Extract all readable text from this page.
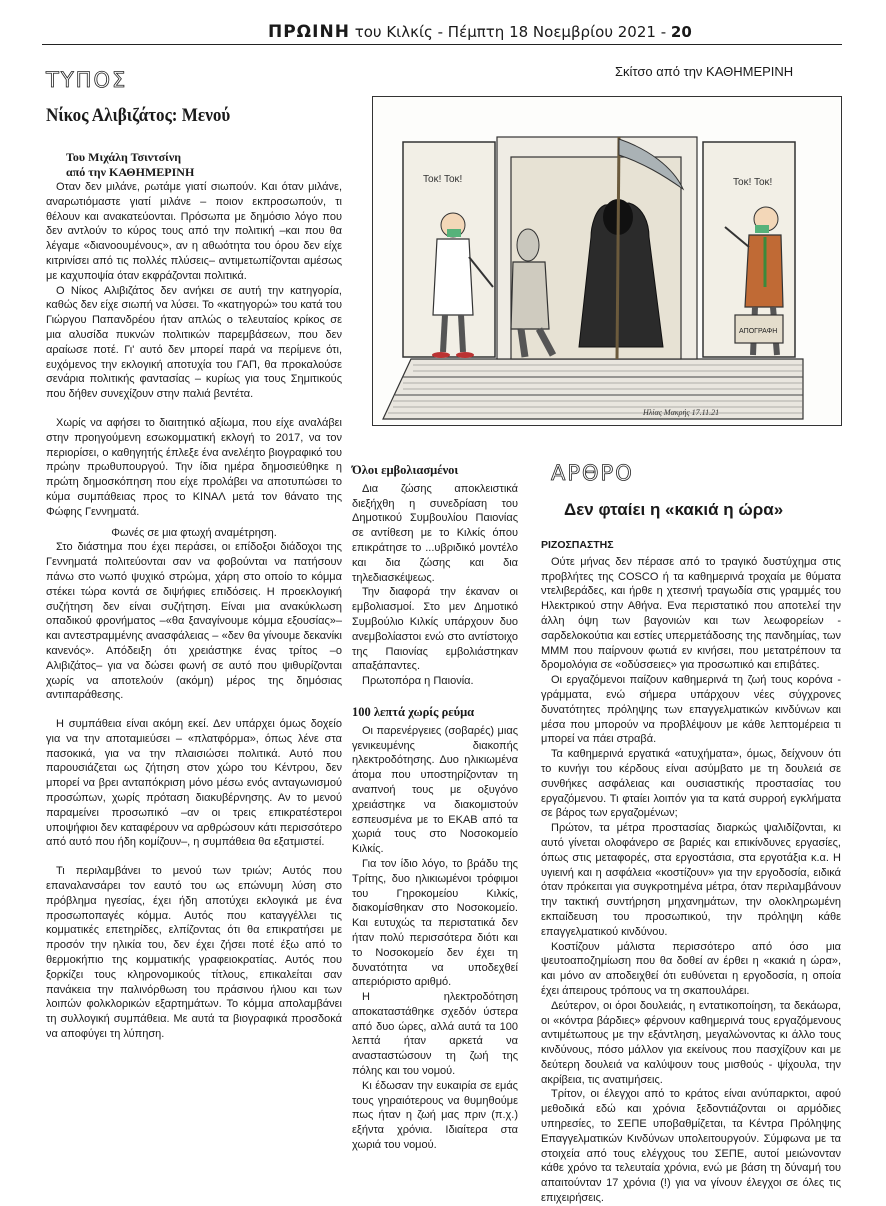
ΠΡΩΙΝΗ του Κιλκίς - Πέμπτη 18 Νοεμβρίου 2021 - 20
ΤΥΠΟΣ	Σκίτσο από την ΚΑΘΗΜΕΡΙΝΗ
Τοκ! Τοκ!
ΑΠΟΓΡΑΦΗ
Τοκ! Τοκ!
Ηλίας Μακρής 17.11.21
Νίκος Αλιβιζάτος: Μενού
Του Μιχάλη Τσιντσίνη
από την ΚΑΘΗΜΕΡΙΝΗ

Οταν δεν μιλάνε, ρωτάμε γιατί σιωπούν. Και όταν μιλάνε, αναρωτιόμαστε γιατί μιλάνε – ποιον εκπροσωπούν, τι θέλουν και ανακατεύονται. Πρόσωπα με δημόσιο λόγο που δεν αντλούν το κύρος τους από την πολιτική –και που θα λέγαμε «διανοουμένους», αν η αθωότητα του όρου δεν είχε κιτρινίσει από τις πολλές πλύσεις– αντιμετωπίζονται αμέσως με καχυποψία όταν εκφράζονται πολιτικά.

Ο Νίκος Αλιβιζάτος δεν ανήκει σε αυτή την κατηγορία, καθώς δεν είχε σιωπή να λύσει. Το «κατηγορώ» του κατά του Γιώργου Παπανδρέου ήταν απλώς ο τελευταίος κρίκος σε μια αλυσίδα πυκνών πολιτικών παρεμβάσεων, που δεν αραίωσε ποτέ. Γι' αυτό δεν μπορεί παρά να περίμενε ότι, ευχόμενος την εκλογική αποτυχία του ΓΑΠ, θα προκαλούσε σενάρια πολιτικής φαντασίας – κυρίως για τους Σημιτικούς που δήθεν συνεχίζουν στην παλιά βεντέτα.

Χωρίς να αφήσει το διαιτητικό αξίωμα, που είχε αναλάβει στην προηγούμενη εσωκομματική εκλογή το 2017, να τον περιορίσει, ο καθηγητής έπλεξε ένα ανελέητο βιογραφικό του πρώην πρωθυπουργού. Την ίδια ημέρα δημοσιεύθηκε η πρώτη δημοσκόπηση που είχε προλάβει να αποτυπώσει το κύμα συμπάθειας προς το ΚΙΝΑΛ μετά τον θάνατο της Φώφης Γεννηματά.

Φωνές σε μια φτωχή αναμέτρηση.

Στο διάστημα που έχει περάσει, οι επίδοξοι διάδοχοι της Γεννηματά πολιτεύονται σαν να φοβούνται να πατήσουν πάνω στο νωπό ψυχικό στρώμα, χάρη στο οποίο το κόμμα στέκει τώρα κοντά σε διψήφιες επιδόσεις. Η προεκλογική συζήτηση δεν είναι συζήτηση. Είναι μια ανακύκλωση οπαδικού φρονήματος –«θα ξαναγίνουμε κόμμα εξουσίας»– και αντεστραμμένης ανασφάλειας – «δεν θα γίνουμε δεκανίκι κανενός». Απόδειξη ότι χρειάστηκε ένας τρίτος –ο Αλιβιζάτος– για να δώσει φωνή σε αυτό που ψιθυρίζονται χωρίς να αποτελούν (ακόμη) μέρος της δημόσιας αντιπαράθεσης.

Η συμπάθεια είναι ακόμη εκεί. Δεν υπάρχει όμως δοχείο για να την αποταμιεύσει – «πλατφόρμα», όπως λένε στα πασοκικά, για να την πλαισιώσει πολιτικά. Αυτό που παρουσιάζεται ως ζήτηση στον χώρο του Κέντρου, δεν μπορεί να βρει ανταπόκριση μόνο μέσω ενός ανταγωνισμού προσώπων, χωρίς πρόταση διακυβέρνησης. Αν το μενού παραμείνει προσωπικό –αν οι τρεις επικρατέστεροι υποψήφιοι δεν καταφέρουν να αρθρώσουν κάτι περισσότερο από αυτό που ήδη κομίζουν–, η συμπάθεια θα εξατμιστεί.

Τι περιλαμβάνει το μενού των τριών; Αυτός που επαναλανσάρει τον εαυτό του ως επώνυμη λύση στο πρόβλημα ηγεσίας, έχει ήδη αποτύχει εκλογικά με ένα προσωποπαγές κόμμα. Αυτός που καταγγέλλει τις κομματικές επετηρίδες, ελπίζοντας ότι θα επικρατήσει με προσόν την ηλικία του, δεν έχει ζήσει ποτέ έξω από το θερμοκήπιο της κομματικής γραφειοκρατίας. Αυτός που ξορκίζει τους κληρονομικούς τίτλους, επικαλείται σαν πανάκεια την παλινόρθωση του πράσινου ήλιου και των λοιπών φολκλορικών εξαρτημάτων. Το κόμμα απολαμβάνει τη συλλογική συμπάθεια. Με αυτά τα βιογραφικά προσδοκά να αποφύγει τη λύπηση.

Όλοι εμβολιασμένοι

Δια ζώσης αποκλειστικά διεξήχθη η συνεδρίαση του Δημοτικού Συμβουλίου Παιονίας σε αντίθεση με το Κιλκίς όπου επικράτησε το ...υβριδικό μοντέλο και δια ζώσης και δια τηλεδιασκέψεως.

Την διαφορά την έκαναν οι εμβολιασμοί. Στο μεν Δημοτικό Συμβούλιο Κιλκίς υπάρχουν δυο ανεμβολίαστοι ενώ στο αντίστοιχο της Παιονίας εμβολιάστηκαν απαξάπαντες.

Πρωτοπόρα η Παιονία.

100 λεπτά χωρίς ρεύμα

Οι παρενέργειες (σοβαρές) μιας γενικευμένης διακοπής ηλεκτροδότησης. Δυο ηλικιωμένα άτομα που υποστηρίζονταν τη αναπνοή τους με οξυγόνο χρειάστηκε να διακομιστούν εσπευσμένα με το ΕΚΑΒ από τα χωριά τους στο Νοσοκομείο Κιλκίς.

Για τον ίδιο λόγο, το βράδυ της Τρίτης, δυο ηλικιωμένοι τρόφιμοι του Γηροκομείου Κιλκίς, διακομίσθηκαν στο Νοσοκομείο. Και ευτυχώς τα περιστατικά δεν ήταν πολύ περισσότερα διότι και το Νοσοκομείο δεν έχει τη δυνατότητα να υποδεχθεί απεριόριστο αριθμό.

Η ηλεκτροδότηση αποκαταστάθηκε σχεδόν ύστερα από δυο ώρες, αλλά αυτά τα 100 λεπτά ήταν αρκετά να ανασταστώσουν τη ζωή της πόλης και του νομού.

Κι έδωσαν την ευκαιρία σε εμάς τους γηραιότερους να θυμηθούμε πως ήταν η ζωή μας πριν (π.χ.) εξήντα χρόνια. Ιδιαίτερα στα χωριά του νομού.

ΑΡΘΡΟ
Δεν φταίει η «κακιά η ώρα»
ΡΙΖΟΣΠΑΣΤΗΣ

Ούτε μήνας δεν πέρασε από το τραγικό δυστύχημα στις προβλήτες της COSCO ή τα καθημερινά τροχαία με θύματα ντελιβεράδες, και ήρθε η χτεσινή τραγωδία στις γραμμές του Ηλεκτρικού στην Αθήνα. Ενα περιστατικό που αποτελεί την άλλη όψη των βαγονιών και των λεωφορείων - σαρδελοκούτια και εστίες υπερμετάδοσης της πανδημίας, των ΜΜΜ που παίρνουν φωτιά εν κινήσει, που μετατρέπουν τα δρομολόγια σε «οδύσσειες» για προσωπικό και επιβάτες.

Οι εργαζόμενοι παίζουν καθημερινά τη ζωή τους κορόνα - γράμματα, ενώ σήμερα υπάρχουν νέες σύγχρονες δυνατότητες πρόληψης των επαγγελματικών κινδύνων και μέσα που μπορούν να προβλέψουν με κάθε λεπτομέρεια τι μπορεί να πάει στραβά.

Τα καθημερινά εργατικά «ατυχήματα», όμως, δείχνουν ότι το κυνήγι του κέρδους είναι ασύμβατο με τη δουλειά σε συνθήκες ασφάλειας και ουσιαστικής προστασίας του εργαζόμενου. Τι φταίει λοιπόν για τα κατά συρροή εγκλήματα σε βάρος των εργαζομένων;

Πρώτον, τα μέτρα προστασίας διαρκώς ψαλιδίζονται, κι αυτό γίνεται ολοφάνερο σε βαριές και επικίνδυνες εργασίες, όπως στις μεταφορές, στα εργοστάσια, στα εργοτάξια κ.α. Η υγιεινή και η ασφάλεια «κοστίζουν» για την εργοδοσία, ειδικά όταν πρόκειται για συγκροτημένα μέτρα, όταν περιλαμβάνουν την τακτική συντήρηση μηχανημάτων, την ολοκληρωμένη εκπαίδευση του προσωπικού, την πρόληψη κάθε επαγγελματικού κινδύνου.

Κοστίζουν μάλιστα περισσότερο από όσο μια ψευτοαποζημίωση που θα δοθεί αν έρθει η «κακιά η ώρα», και μόνο αν αποδειχθεί ότι ευθύνεται η εργοδοσία, η οποία έχει άπειρους τρόπους να τη σκαπουλάρει.

Δεύτερον, οι όροι δουλειάς, η εντατικοποίηση, τα δεκάωρα, οι «κόντρα βάρδιες» φέρνουν καθημερινά τους εργαζόμενους αντιμέτωπους με την εξάντληση, μεγαλώνοντας κι άλλο τους κινδύνους, πόσο μάλλον για εκείνους που πασχίζουν και με δεύτερη δουλειά να καλύψουν τους μισθούς - ψίχουλα, την ακρίβεια, τις ανατιμήσεις.

Τρίτον, οι έλεγχοι από το κράτος είναι ανύπαρκτοι, αφού μεθοδικά εδώ και χρόνια ξεδοντιάζονται οι αρμόδιες υπηρεσίες, το ΣΕΠΕ υποβαθμίζεται, τα Κέντρα Πρόληψης Επαγγελματικών Κινδύνων υπολειτουργούν. Σύμφωνα με τα στοιχεία από τους ελέγχους του ΣΕΠΕ, αυτοί μειώνονταν κάθε χρόνο τα τελευταία χρόνια, ενώ με βάση τη δύναμή του απαιτούνταν 17 χρόνια (!) για να γίνουν έλεγχοι σε όλες τις επιχειρήσεις.
